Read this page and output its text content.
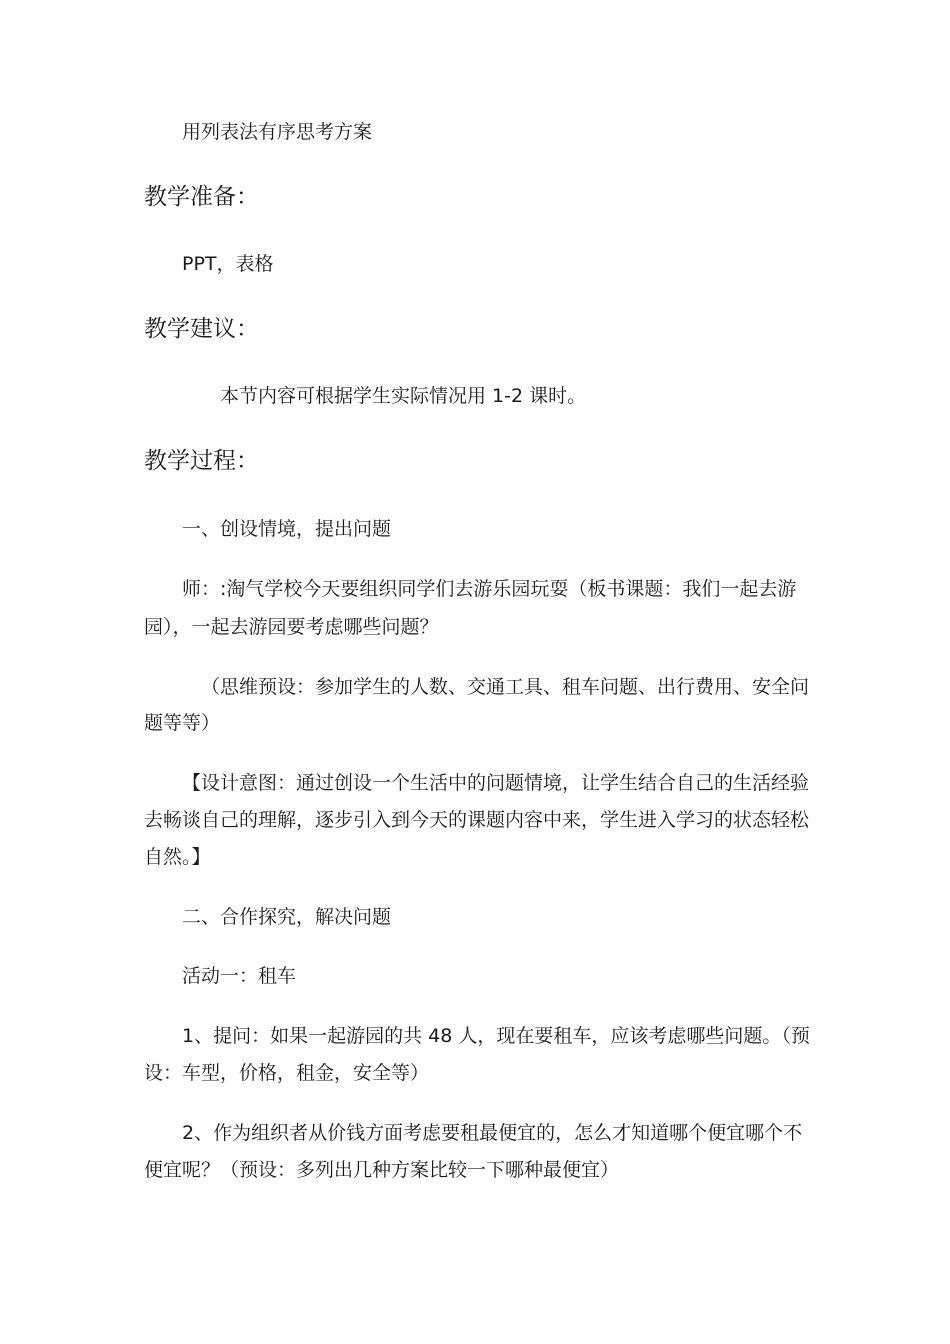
用列表法有序思考方案
教学准备：
PPT，表格
教学建议：
本节内容可根据学生实际情况用 1-2 课时。
教学过程：
一、创设情境，提出问题
师：:淘气学校今天要组织同学们去游乐园玩耍（板书课题：我们一起去游
园），一起去游园要考虑哪些问题？
（思维预设：参加学生的人数、交通工具、租车问题、出行费用、安全问
题等等）
【设计意图：通过创设一个生活中的问题情境，让学生结合自己的生活经验
去畅谈自己的理解，逐步引入到今天的课题内容中来，学生进入学习的状态轻松
自然。】
二、合作探究，解决问题
活动一：租车
1、提问：如果一起游园的共 48 人，现在要租车，应该考虑哪些问题。（预
设：车型，价格，租金，安全等）
2、作为组织者从价钱方面考虑要租最便宜的，怎么才知道哪个便宜哪个不
便宜呢？（预设：多列出几种方案比较一下哪种最便宜）
